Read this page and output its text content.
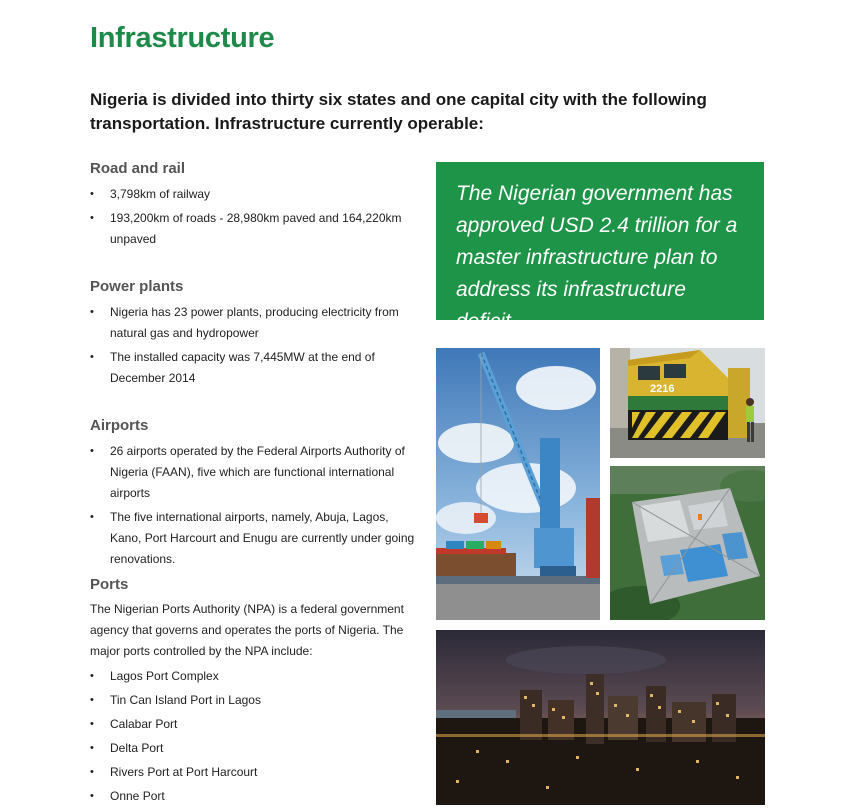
Infrastructure

Nigeria is divided into thirty six states and one capital city with the following transportation. Infrastructure currently operable:

Road and rail
• 3,798km of railway
• 193,200km of roads - 28,980km paved and 164,220km unpaved
Power plants
• Nigeria has 23 power plants, producing electricity from natural gas and hydropower
• The installed capacity was 7,445MW at the end of December 2014
Airports
• 26 airports operated by the Federal Airports Authority of Nigeria (FAAN), five which are functional international airports
• The five international airports, namely, Abuja, Lagos, Kano, Port Harcourt and Enugu are currently under going renovations.
Ports

The Nigerian Ports Authority (NPA) is a federal government agency that governs and operates the ports of Nigeria. The major ports controlled by the NPA include:

• Lagos Port Complex
• Tin Can Island Port in Lagos
• Calabar Port
• Delta Port
• Rivers Port at Port Harcourt
• Onne Port

The Nigerian government has approved USD 2.4 trillion for a master infrastructure plan to address its infrastructure deficit

2216
